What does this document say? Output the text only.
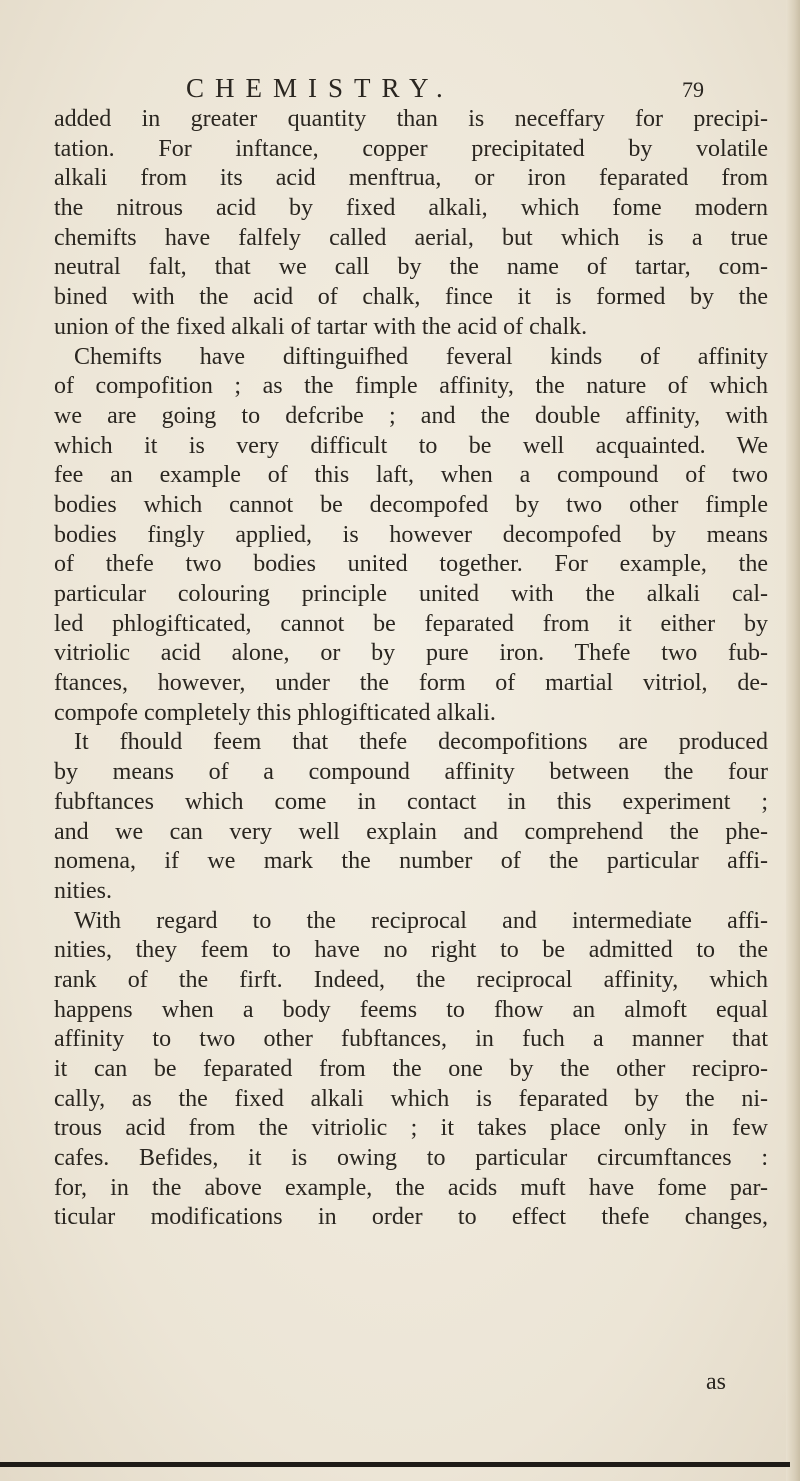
CHEMISTRY.	79
added in greater quantity than is neceffary for precipi-
tation. For inftance, copper precipitated by volatile
alkali from its acid menftrua, or iron feparated from
the nitrous acid by fixed alkali, which fome modern
chemifts have falfely called aerial, but which is a true
neutral falt, that we call by the name of tartar, com-
bined with the acid of chalk, fince it is formed by the
union of the fixed alkali of tartar with the acid of chalk.
Chemifts have diftinguifhed feveral kinds of affinity
of compofition ; as the fimple affinity, the nature of which
we are going to defcribe ; and the double affinity, with
which it is very difficult to be well acquainted. We
fee an example of this laft, when a compound of two
bodies which cannot be decompofed by two other fimple
bodies fingly applied, is however decompofed by means
of thefe two bodies united together. For example, the
particular colouring principle united with the alkali cal-
led phlogifticated, cannot be feparated from it either by
vitriolic acid alone, or by pure iron. Thefe two fub-
ftances, however, under the form of martial vitriol, de-
compofe completely this phlogifticated alkali.
It fhould feem that thefe decompofitions are produced
by means of a compound affinity between the four
fubftances which come in contact in this experiment ;
and we can very well explain and comprehend the phe-
nomena, if we mark the number of the particular affi-
nities.
With regard to the reciprocal and intermediate affi-
nities, they feem to have no right to be admitted to the
rank of the firft. Indeed, the reciprocal affinity, which
happens when a body feems to fhow an almoft equal
affinity to two other fubftances, in fuch a manner that
it can be feparated from the one by the other recipro-
cally, as the fixed alkali which is feparated by the ni-
trous acid from the vitriolic ; it takes place only in few
cafes. Befides, it is owing to particular circumftances :
for, in the above example, the acids muft have fome par-
ticular modifications in order to effect thefe changes,
as
